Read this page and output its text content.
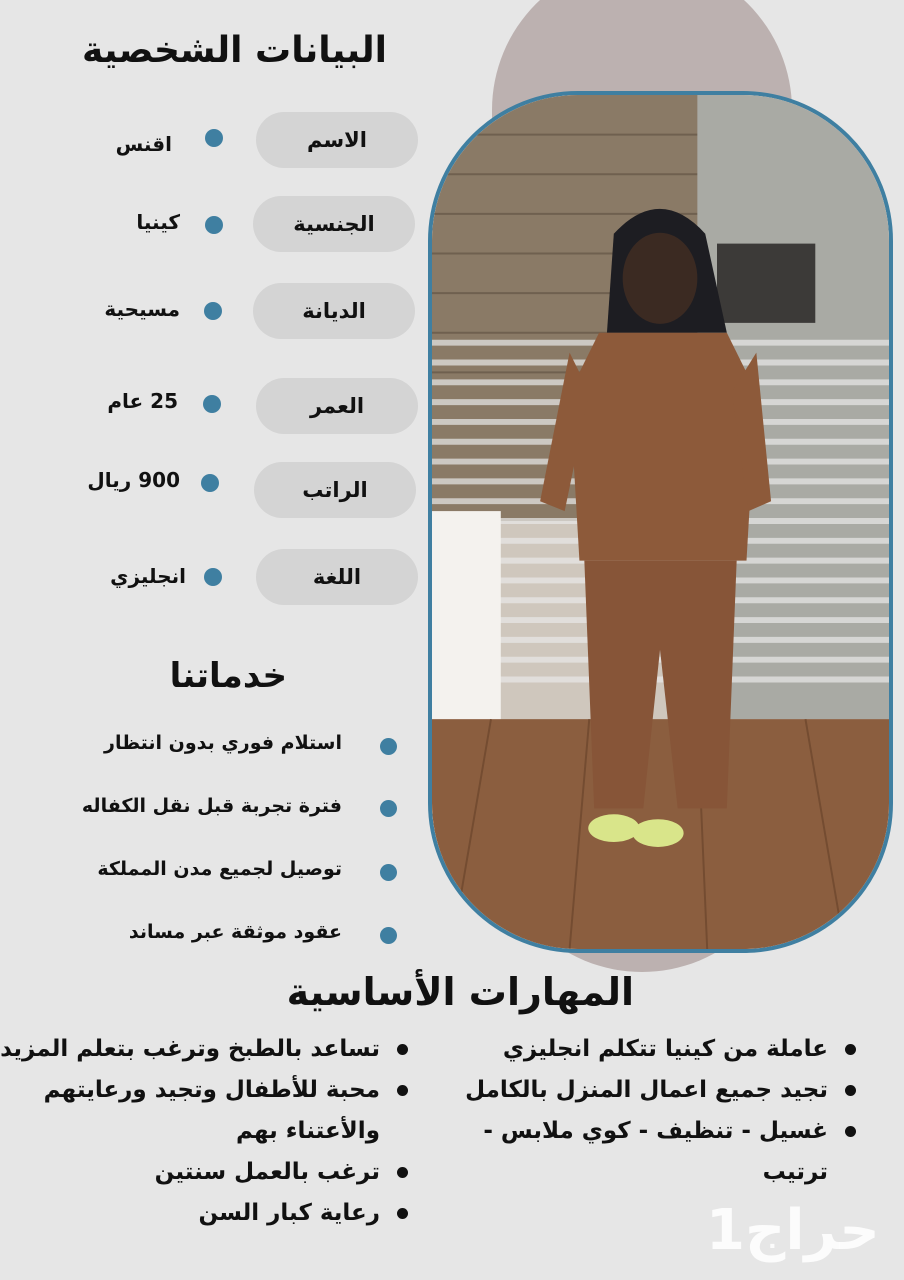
البيانات الشخصية
الاسم
اقنس
الجنسية
كينيا
الديانة
مسيحية
العمر
25 عام
الراتب
900 ريال
اللغة
انجليزي
خدماتنا
استلام فوري بدون انتظار
فترة تجربة قبل نقل الكفاله
توصيل لجميع مدن المملكة
عقود موثقة عبر مساند
المهارات الأساسية
عاملة من كينيا تتكلم انجليزي
تجيد جميع اعمال المنزل بالكامل
غسيل - تنظيف - كوي ملابس -
ترتيب
تساعد بالطبخ وترغب بتعلم المزيد
محبة للأطفال وتجيد ورعايتهم
والأعتناء بهم
ترغب بالعمل سنتين
رعاية كبار السن	حراج1
